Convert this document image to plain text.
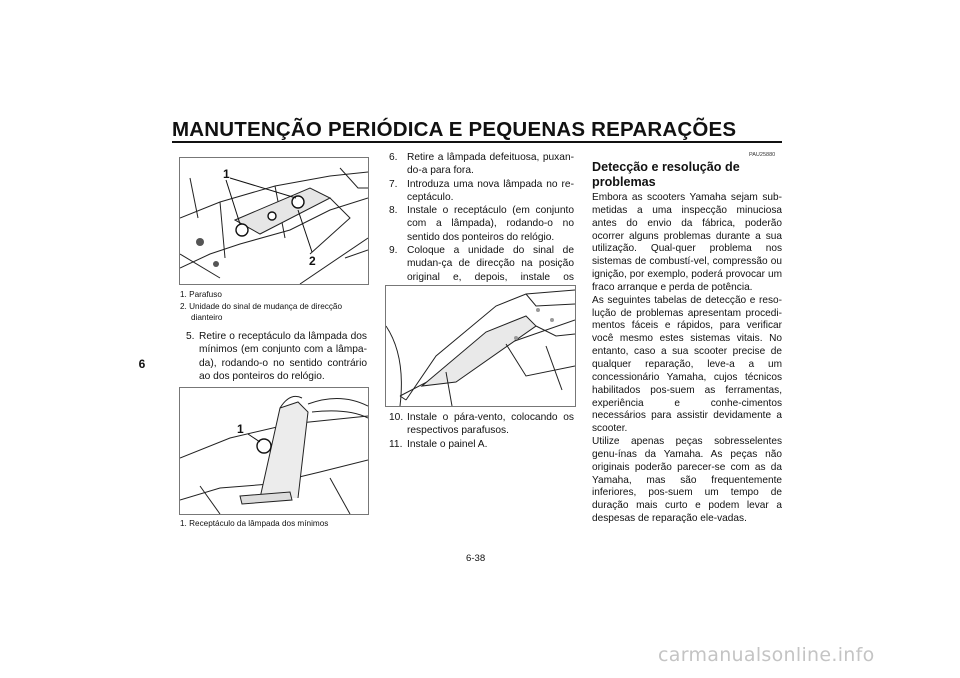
MANUTENÇÃO PERIÓDICA E PEQUENAS REPARAÇÕES
6
1
2
1. Parafuso
2. Unidade do sinal de mudança de direcção
dianteiro
5. Retire o receptáculo da lâmpada dos mínimos (em conjunto com a lâmpa-da), rodando-o no sentido contrário ao dos ponteiros do relógio.
1
1. Receptáculo da lâmpada dos mínimos
6. Retire a lâmpada defeituosa, puxan-do-a para fora.
7. Introduza uma nova lâmpada no re-ceptáculo.
8. Instale o receptáculo (em conjunto com a lâmpada), rodando-o no sentido dos ponteiros do relógio.
9. Coloque a unidade do sinal de mudan-ça de direcção na posição original e, depois, instale os
10. Instale o pára-vento, colocando os respectivos parafusos.
11. Instale o painel A.
PAU25880
Detecção e resolução de problemas

Embora as scooters Yamaha sejam sub-metidas a uma inspecção minuciosa antes do envio da fábrica, poderão ocorrer alguns problemas durante a sua utilização. Qual-quer problema nos sistemas de combustí-vel, compressão ou ignição, por exemplo, poderá provocar um fraco arranque e perda de potência.

As seguintes tabelas de detecção e reso-lução de problemas apresentam procedi-mentos fáceis e rápidos, para verificar você mesmo estes sistemas vitais. No entanto, caso a sua scooter precise de qualquer reparação, leve-a a um concessionário Yamaha, cujos técnicos habilitados pos-suem as ferramentas, experiência e conhe-cimentos necessários para assistir devidamente a scooter.

Utilize apenas peças sobresselentes genu-ínas da Yamaha. As peças não originais poderão parecer-se com as da Yamaha, mas são frequentemente inferiores, pos-suem um tempo de duração mais curto e podem levar a despesas de reparação ele-vadas.

6-38
carmanualsonline.info
